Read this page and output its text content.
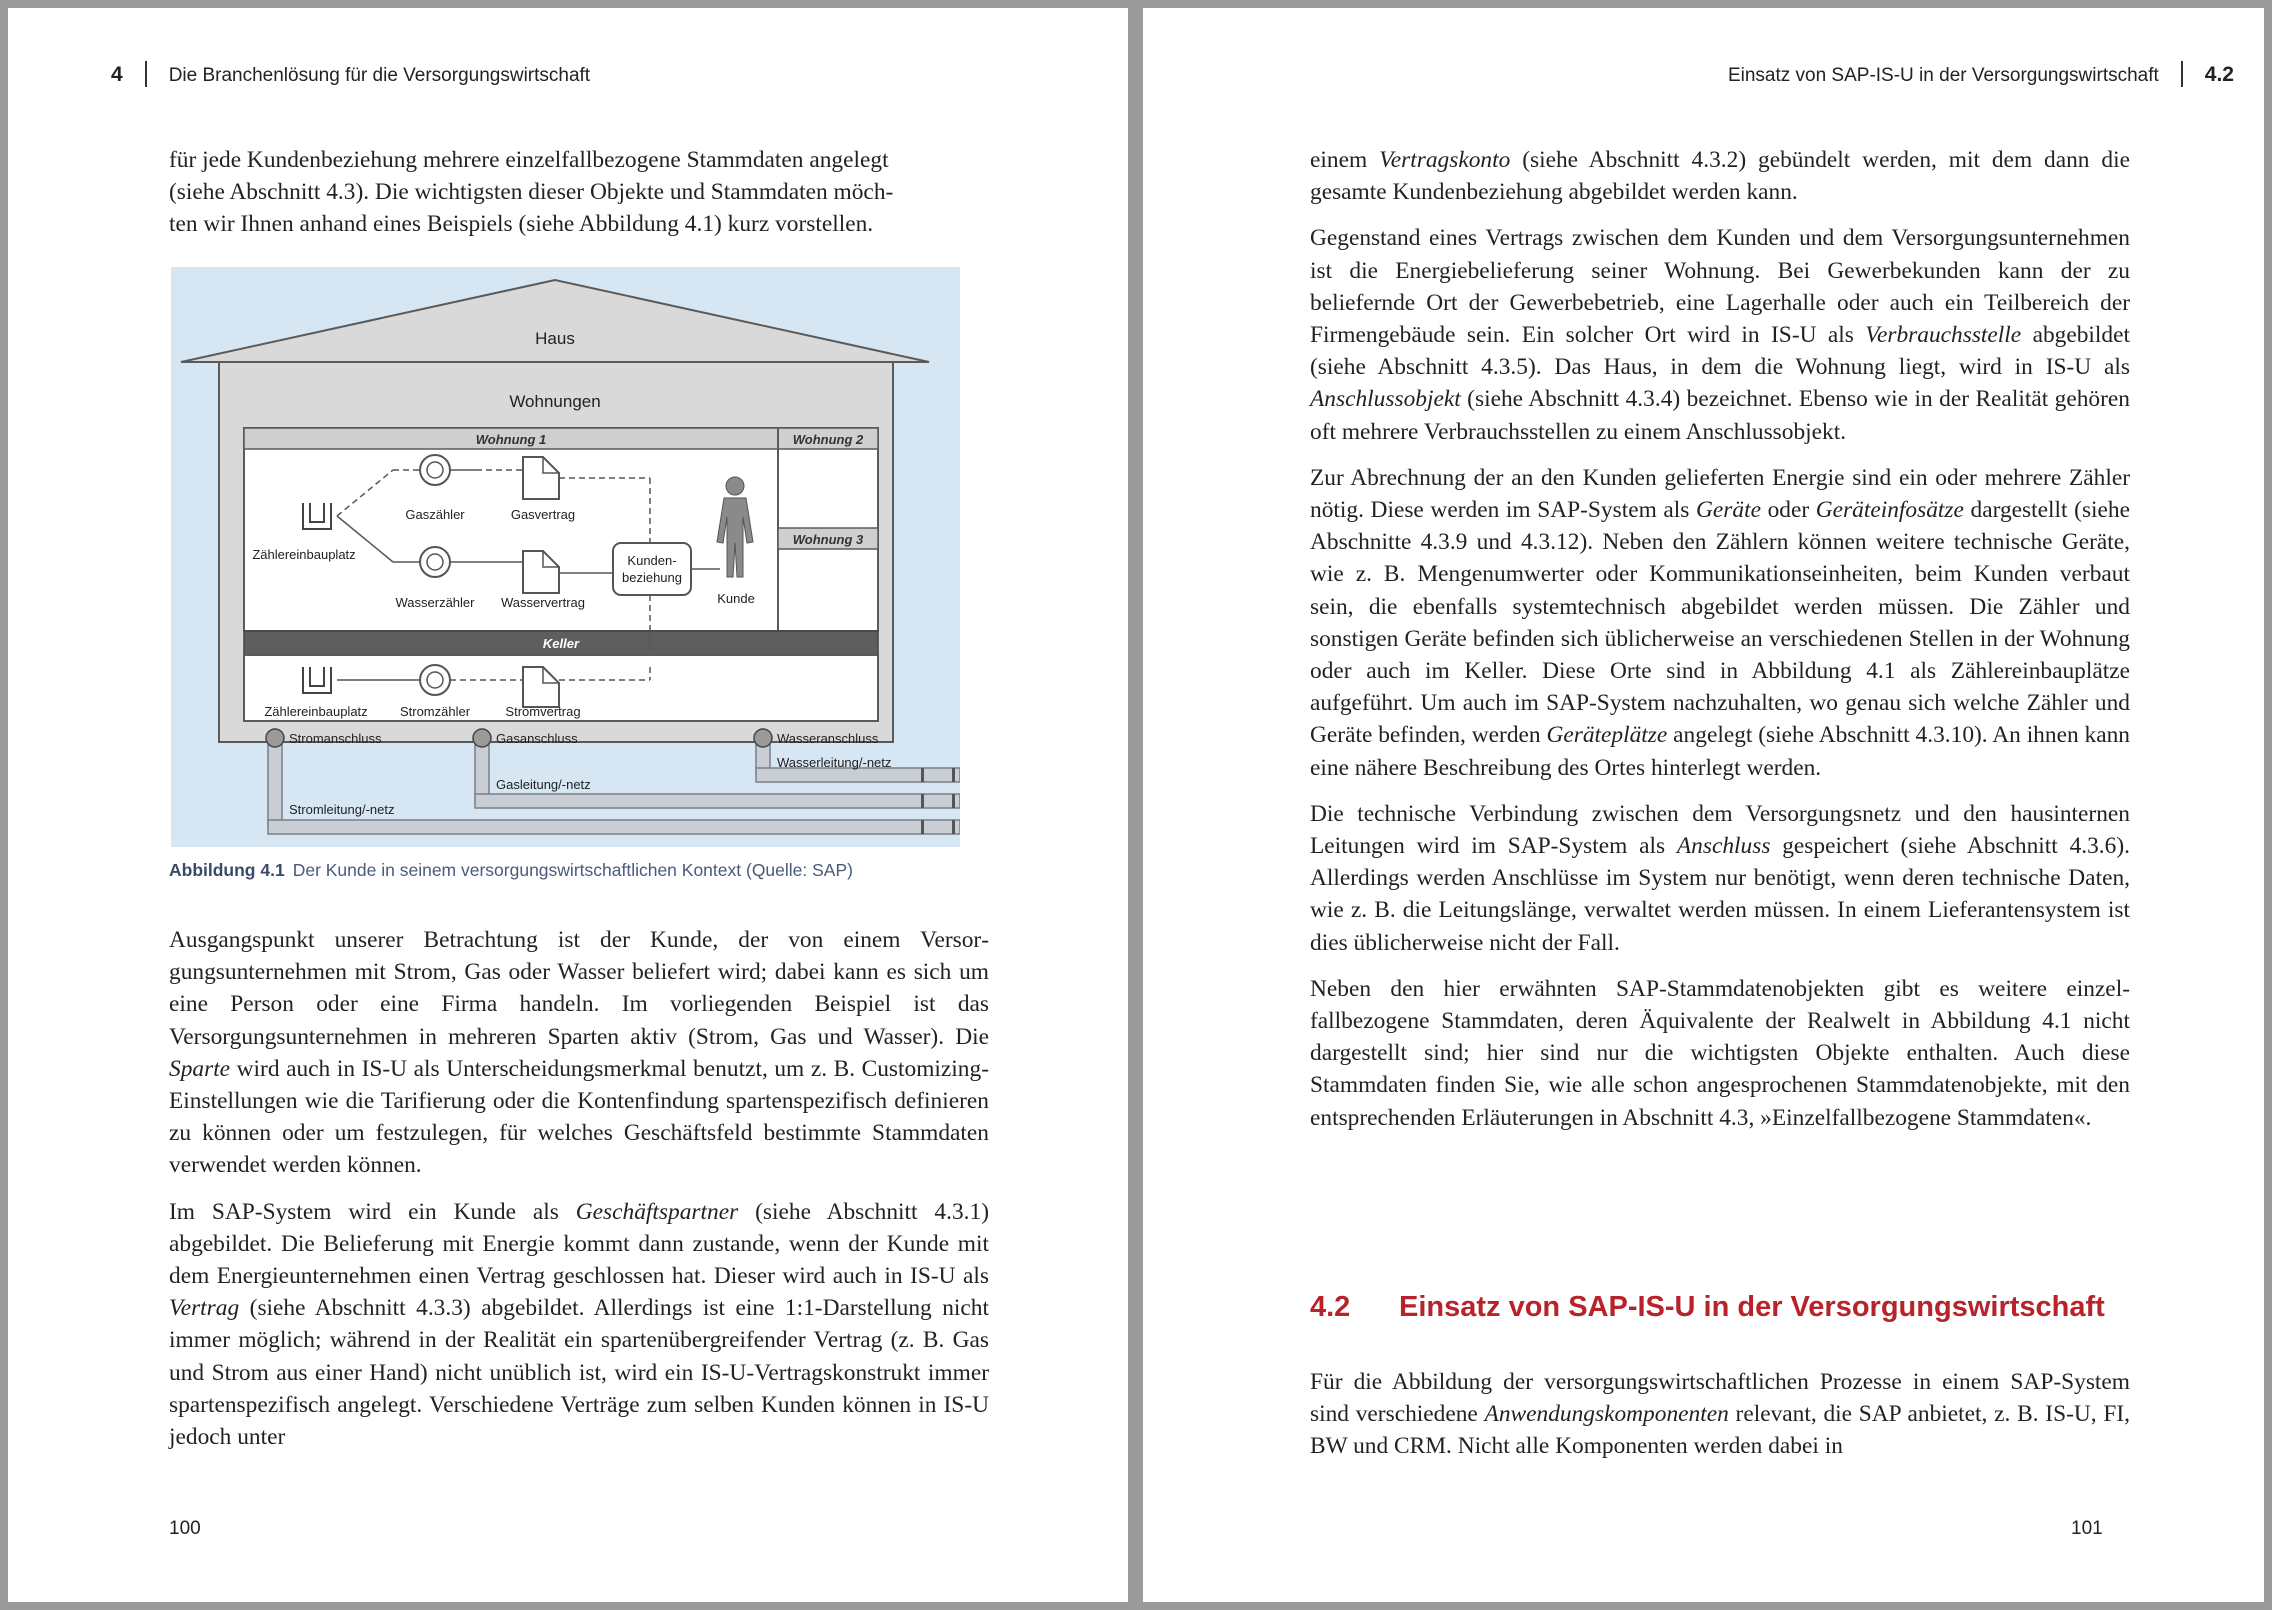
4 Die Branchenlösung für die Versorgungswirtschaft
für jede Kundenbeziehung mehrere einzelfallbezogene Stammdaten angelegt
(siehe Abschnitt 4.3). Die wichtigsten dieser Objekte und Stammdaten möch-
ten wir Ihnen anhand eines Beispiels (siehe Abbildung 4.1) kurz vorstellen.
Haus
Wohnungen
Wohnung 1	Wohnung 2
Wohnung 3
Zählereinbauplatz
Gaszähler	Gasvertrag
Wasserzähler Wasservertrag
Kunden-
beziehung
Kunde
Keller
Zählereinbauplatz Stromzähler	Stromvertrag
Stromanschluss	Gasanschluss	Wasseranschluss
Wasserleitung/-netz
Gasleitung/-netz
Stromleitung/-netz
Abbildung 4.1 Der Kunde in seinem versorgungswirtschaftlichen Kontext (Quelle: SAP)

Ausgangspunkt unserer Betrachtung ist der Kunde, der von einem Versorgungsunternehmen mit Strom, Gas oder Wasser beliefert wird; dabei kann es sich um eine Person oder eine Firma handeln. Im vorliegenden Beispiel ist das Versorgungsunternehmen in mehreren Sparten aktiv (Strom, Gas und Wasser). Die Sparte wird auch in IS-U als Unterscheidungsmerkmal benutzt, um z. B. Customizing-Einstellungen wie die Tarifierung oder die Kontenfindung spartenspezifisch definieren zu können oder um festzulegen, für welches Geschäftsfeld bestimmte Stammdaten verwendet werden können.

Im SAP-System wird ein Kunde als Geschäftspartner (siehe Abschnitt 4.3.1) abgebildet. Die Belieferung mit Energie kommt dann zustande, wenn der Kunde mit dem Energieunternehmen einen Vertrag geschlossen hat. Dieser wird auch in IS-U als Vertrag (siehe Abschnitt 4.3.3) abgebildet. Allerdings ist eine 1:1-Darstellung nicht immer möglich; während in der Realität ein spartenübergreifender Vertrag (z. B. Gas und Strom aus einer Hand) nicht unüblich ist, wird ein IS-U-Vertragskonstrukt immer spartenspezifisch angelegt. Verschiedene Verträge zum selben Kunden können in IS-U jedoch unter

100
Einsatz von SAP-IS-U in der Versorgungswirtschaft 4.2

einem Vertragskonto (siehe Abschnitt 4.3.2) gebündelt werden, mit dem dann die gesamte Kundenbeziehung abgebildet werden kann.

Gegenstand eines Vertrags zwischen dem Kunden und dem Versorgungsunternehmen ist die Energiebelieferung seiner Wohnung. Bei Gewerbekunden kann der zu beliefernde Ort der Gewerbebetrieb, eine Lagerhalle oder auch ein Teilbereich der Firmengebäude sein. Ein solcher Ort wird in IS-U als Verbrauchsstelle abgebildet (siehe Abschnitt 4.3.5). Das Haus, in dem die Wohnung liegt, wird in IS-U als Anschlussobjekt (siehe Abschnitt 4.3.4) bezeichnet. Ebenso wie in der Realität gehören oft mehrere Verbrauchsstellen zu einem Anschlussobjekt.

Zur Abrechnung der an den Kunden gelieferten Energie sind ein oder mehrere Zähler nötig. Diese werden im SAP-System als Geräte oder Geräteinfosätze dargestellt (siehe Abschnitte 4.3.9 und 4.3.12). Neben den Zählern können weitere technische Geräte, wie z. B. Mengenumwerter oder Kommunikationseinheiten, beim Kunden verbaut sein, die ebenfalls systemtechnisch abgebildet werden müssen. Die Zähler und sonstigen Geräte befinden sich üblicherweise an verschiedenen Stellen in der Wohnung oder auch im Keller. Diese Orte sind in Abbildung 4.1 als Zählereinbauplätze aufgeführt. Um auch im SAP-System nachzuhalten, wo genau sich welche Zähler und Geräte befinden, werden Geräteplätze angelegt (siehe Abschnitt 4.3.10). An ihnen kann eine nähere Beschreibung des Ortes hinterlegt werden.

Die technische Verbindung zwischen dem Versorgungsnetz und den hausinternen Leitungen wird im SAP-System als Anschluss gespeichert (siehe Abschnitt 4.3.6). Allerdings werden Anschlüsse im System nur benötigt, wenn deren technische Daten, wie z. B. die Leitungslänge, verwaltet werden müssen. In einem Lieferantensystem ist dies üblicherweise nicht der Fall.

Neben den hier erwähnten SAP-Stammdatenobjekten gibt es weitere einzelfallbezogene Stammdaten, deren Äquivalente der Realwelt in Abbildung 4.1 nicht dargestellt sind; hier sind nur die wichtigsten Objekte enthalten. Auch diese Stammdaten finden Sie, wie alle schon angesprochenen Stammdatenobjekte, mit den entsprechenden Erläuterungen in Abschnitt 4.3, »Einzelfallbezogene Stammdaten«.

4.2 Einsatz von SAP-IS-U in der Versorgungswirtschaft

Für die Abbildung der versorgungswirtschaftlichen Prozesse in einem SAP-System sind verschiedene Anwendungskomponenten relevant, die SAP anbietet, z. B. IS-U, FI, BW und CRM. Nicht alle Komponenten werden dabei in

101
